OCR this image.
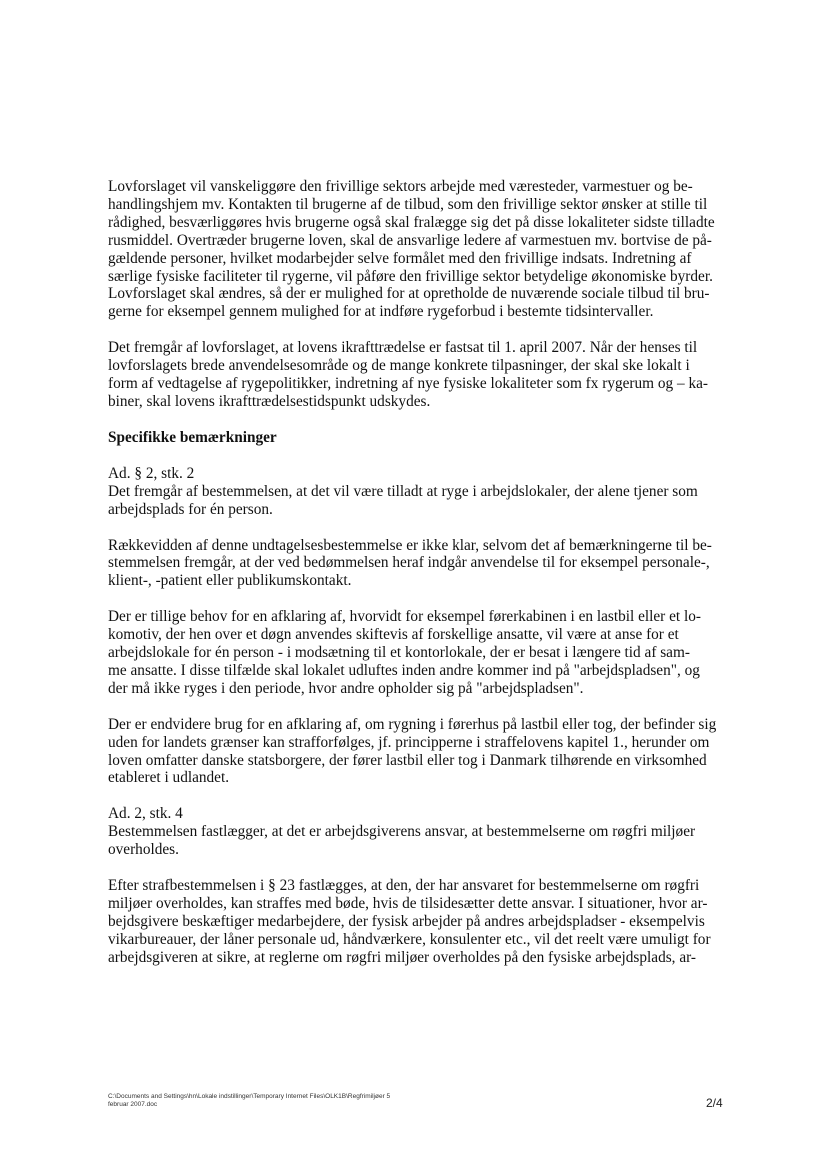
Lovforslaget vil vanskeliggøre den frivillige sektors arbejde med væresteder, varmestuer og be-
handlingshjem mv. Kontakten til brugerne af de tilbud, som den frivillige sektor ønsker at stille til
rådighed, besværliggøres hvis brugerne også skal fralægge sig det på disse lokaliteter sidste tilladte
rusmiddel. Overtræder brugerne loven, skal de ansvarlige ledere af varmestuen mv. bortvise de på-
gældende personer, hvilket modarbejder selve formålet med den frivillige indsats. Indretning af
særlige fysiske faciliteter til rygerne, vil påføre den frivillige sektor betydelige økonomiske byrder.
Lovforslaget skal ændres, så der er mulighed for at opretholde de nuværende sociale tilbud til bru-
gerne for eksempel gennem mulighed for at indføre rygeforbud i bestemte tidsintervaller.
Det fremgår af lovforslaget, at lovens ikrafttrædelse er fastsat til 1. april 2007. Når der henses til
lovforslagets brede anvendelsesområde og de mange konkrete tilpasninger, der skal ske lokalt i
form af vedtagelse af rygepolitikker, indretning af nye fysiske lokaliteter som fx rygerum og – ka-
biner, skal lovens ikrafttrædelsestidspunkt udskydes.
Specifikke bemærkninger
Ad. § 2, stk. 2
Det fremgår af bestemmelsen, at det vil være tilladt at ryge i arbejdslokaler, der alene tjener som
arbejdsplads for én person.
Rækkevidden af denne undtagelsesbestemmelse er ikke klar, selvom det af bemærkningerne til be-
stemmelsen fremgår, at der ved bedømmelsen heraf indgår anvendelse til for eksempel personale-,
klient-, -patient eller publikumskontakt.
Der er tillige behov for en afklaring af, hvorvidt for eksempel førerkabinen i en lastbil eller et lo-
komotiv, der hen over et døgn anvendes skiftevis af forskellige ansatte, vil være at anse for et
arbejdslokale for én person - i modsætning til et kontorlokale, der er besat i længere tid af sam-
me ansatte. I disse tilfælde skal lokalet udluftes inden andre kommer ind på "arbejdspladsen", og
der må ikke ryges i den periode, hvor andre opholder sig på "arbejdspladsen".
Der er endvidere brug for en afklaring af, om rygning i førerhus på lastbil eller tog, der befinder sig
uden for landets grænser kan strafforfølges, jf. principperne i straffelovens kapitel 1., herunder om
loven omfatter danske statsborgere, der fører lastbil eller tog i Danmark tilhørende en virksomhed
etableret i udlandet.
Ad. 2, stk. 4
Bestemmelsen fastlægger, at det er arbejdsgiverens ansvar, at bestemmelserne om røgfri miljøer
overholdes.
Efter strafbestemmelsen i § 23 fastlægges, at den, der har ansvaret for bestemmelserne om røgfri
miljøer overholdes, kan straffes med bøde, hvis de tilsidesætter dette ansvar. I situationer, hvor ar-
bejdsgivere beskæftiger medarbejdere, der fysisk arbejder på andres arbejdspladser - eksempelvis
vikarbureauer, der låner personale ud, håndværkere, konsulenter etc., vil det reelt være umuligt for
arbejdsgiveren at sikre, at reglerne om røgfri miljøer overholdes på den fysiske arbejdsplads, ar-
C:\Documents and Settings\hn\Lokale indstillinger\Temporary Internet Files\OLK1B\Regfrimiljøer 5
februar 2007.doc	2/4
